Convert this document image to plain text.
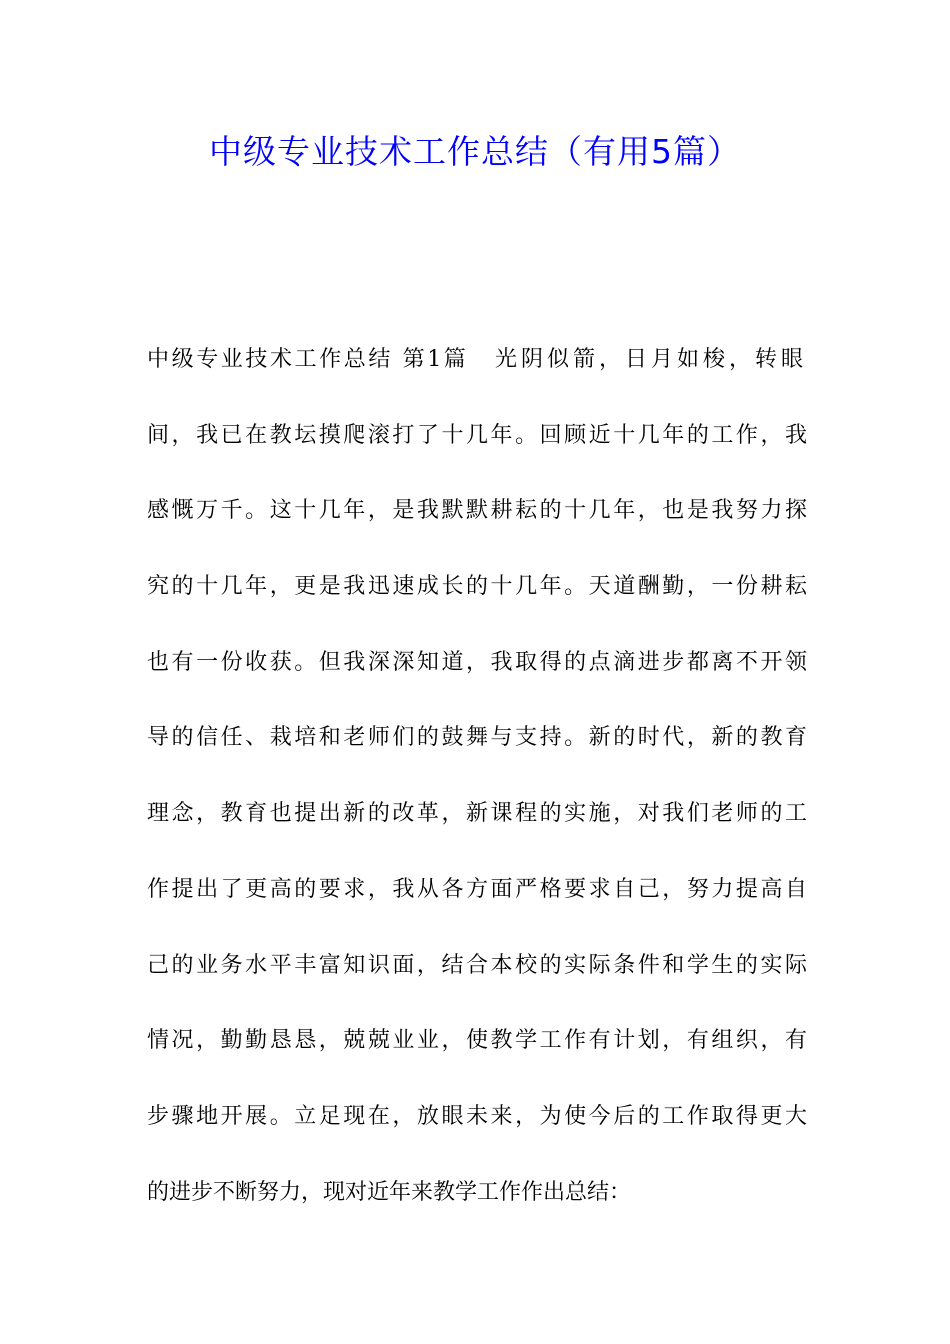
中级专业技术工作总结（有用5篇）
中级专业技术工作总结 第1篇 光阴似箭，日月如梭，转眼
间，我已在教坛摸爬滚打了十几年。回顾近十几年的工作，我
感慨万千。这十几年，是我默默耕耘的十几年，也是我努力探
究的十几年，更是我迅速成长的十几年。天道酬勤，一份耕耘
也有一份收获。但我深深知道，我取得的点滴进步都离不开领
导的信任、栽培和老师们的鼓舞与支持。新的时代，新的教育
理念，教育也提出新的改革，新课程的实施，对我们老师的工
作提出了更高的要求，我从各方面严格要求自己，努力提高自
己的业务水平丰富知识面，结合本校的实际条件和学生的实际
情况，勤勤恳恳，兢兢业业，使教学工作有计划，有组织，有
步骤地开展。立足现在，放眼未来，为使今后的工作取得更大
的进步不断努力，现对近年来教学工作作出总结：
